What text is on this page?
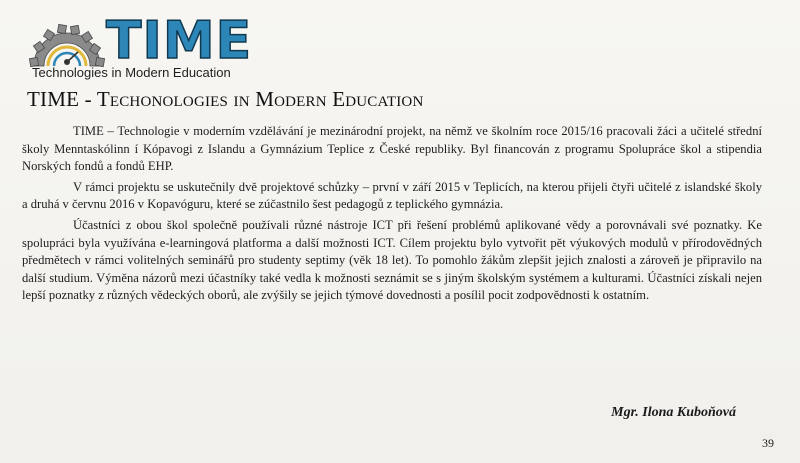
TIME
Technologies in Modern Education
TIME - Techonologies in Modern Education

TIME – Technologie v moderním vzdělávání je mezinárodní projekt, na němž ve školním roce 2015/16 pracovali žáci a učitelé střední školy Menntaskólinn í Kópavogi z Islandu a Gymnázium Teplice z České republiky. Byl financován z programu Spolupráce škol a stipendia Norských fondů a fondů EHP.

V rámci projektu se uskutečnily dvě projektové schůzky – první v září 2015 v Teplicích, na kterou přijeli čtyři učitelé z islandské školy a druhá v červnu 2016 v Kopavóguru, které se zúčastnilo šest pedagogů z teplického gymnázia.

Účastníci z obou škol společně používali různé nástroje ICT při řešení problémů aplikované vědy a porovnávali své poznatky. Ke spolupráci byla využívána e-learningová platforma a další možnosti ICT. Cílem projektu bylo vytvořit pět výukových modulů v přírodovědných předmětech v rámci volitelných seminářů pro studenty septimy (věk 18 let). To pomohlo žákům zlepšit jejich znalosti a zároveň je připravilo na další studium. Výměna názorů mezi účastníky také vedla k možnosti seznámit se s jiným školským systémem a kulturami. Účastníci získali nejen lepší poznatky z různých vědeckých oborů, ale zvýšily se jejich týmové dovednosti a posílil pocit zodpovědnosti k ostatním.

Mgr. Ilona Kuboňová
39
